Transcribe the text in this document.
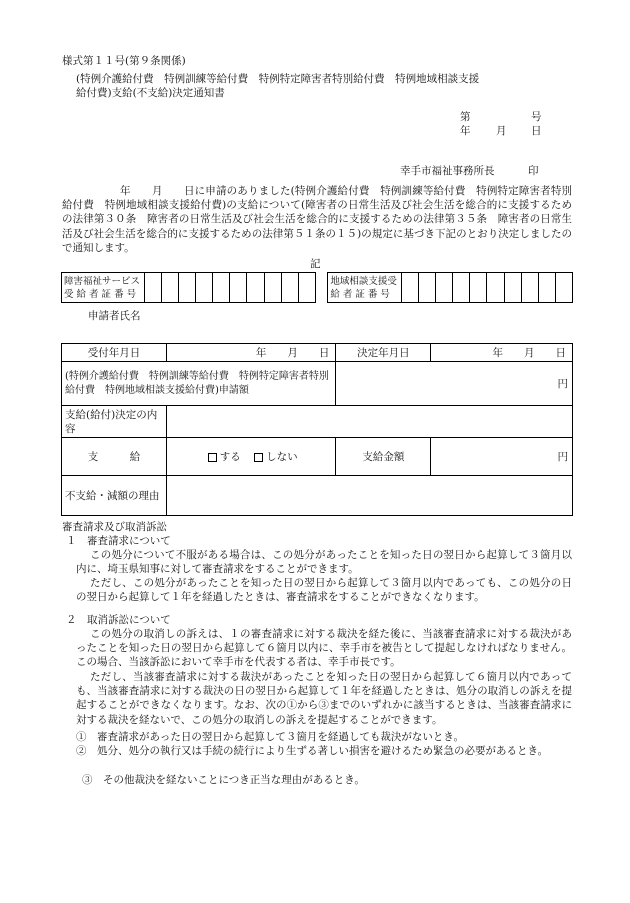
様式第１１号(第９条関係)
(特例介護給付費　特例訓練等給付費　特例特定障害者特別給付費　特例地域相談支援
給付費)支給(不支給)決定通知書
第	号
年 月 日
幸手市福祉事務所長	印
年　　月　　日に申請のありました(特例介護給付費　特例訓練等給付費　特例特定障害者特別給付費　特例地域相談支援給付費)の支給について(障害者の日常生活及び社会生活を総合的に支援するための法律第３０条　障害者の日常生活及び社会生活を総合的に支援するための法律第３５条　障害者の日常生活及び社会生活を総合的に支援するための法律第５１条の１５)の規定に基づき下記のとおり決定しましたので通知します。
記
障害福祉サービス
受 給 者 証 番 号

地域相談支援受
給 者 証 番 号

申請者氏名
受付年月日	年　　月　　日	決定年月日	年　　月　　日
(特例介護給付費　特例訓練等給付費　特例特定障害者特別給付費　特例地域相談支援給付費)申請額		円	
支給(給付)決定の内容			
支　　　給	する しない	支給金額	円
不支給・減額の理由			
審査請求及び取消訴訟
１　審査請求について
この処分について不服がある場合は、この処分があったことを知った日の翌日から起算して３箇月以内に、埼玉県知事に対して審査請求をすることができます。
ただし、この処分があったことを知った日の翌日から起算して３箇月以内であっても、この処分の日の翌日から起算して１年を経過したときは、審査請求をすることができなくなります。
２　取消訴訟について
この処分の取消しの訴えは、１の審査請求に対する裁決を経た後に、当該審査請求に対する裁決があったことを知った日の翌日から起算して６箇月以内に、幸手市を被告として提起しなければなりません。この場合、当該訴訟において幸手市を代表する者は、幸手市長です。
ただし、当該審査請求に対する裁決があったことを知った日の翌日から起算して６箇月以内であっても、当該審査請求に対する裁決の日の翌日から起算して１年を経過したときは、処分の取消しの訴えを提起することができなくなります。なお、次の①から③までのいずれかに該当するときは、当該審査請求に対する裁決を経ないで、この処分の取消しの訴えを提起することができます。
①　審査請求があった日の翌日から起算して３箇月を経過しても裁決がないとき。
②　処分、処分の執行又は手続の続行により生ずる著しい損害を避けるため緊急の必要があるとき。
③　その他裁決を経ないことにつき正当な理由があるとき。
